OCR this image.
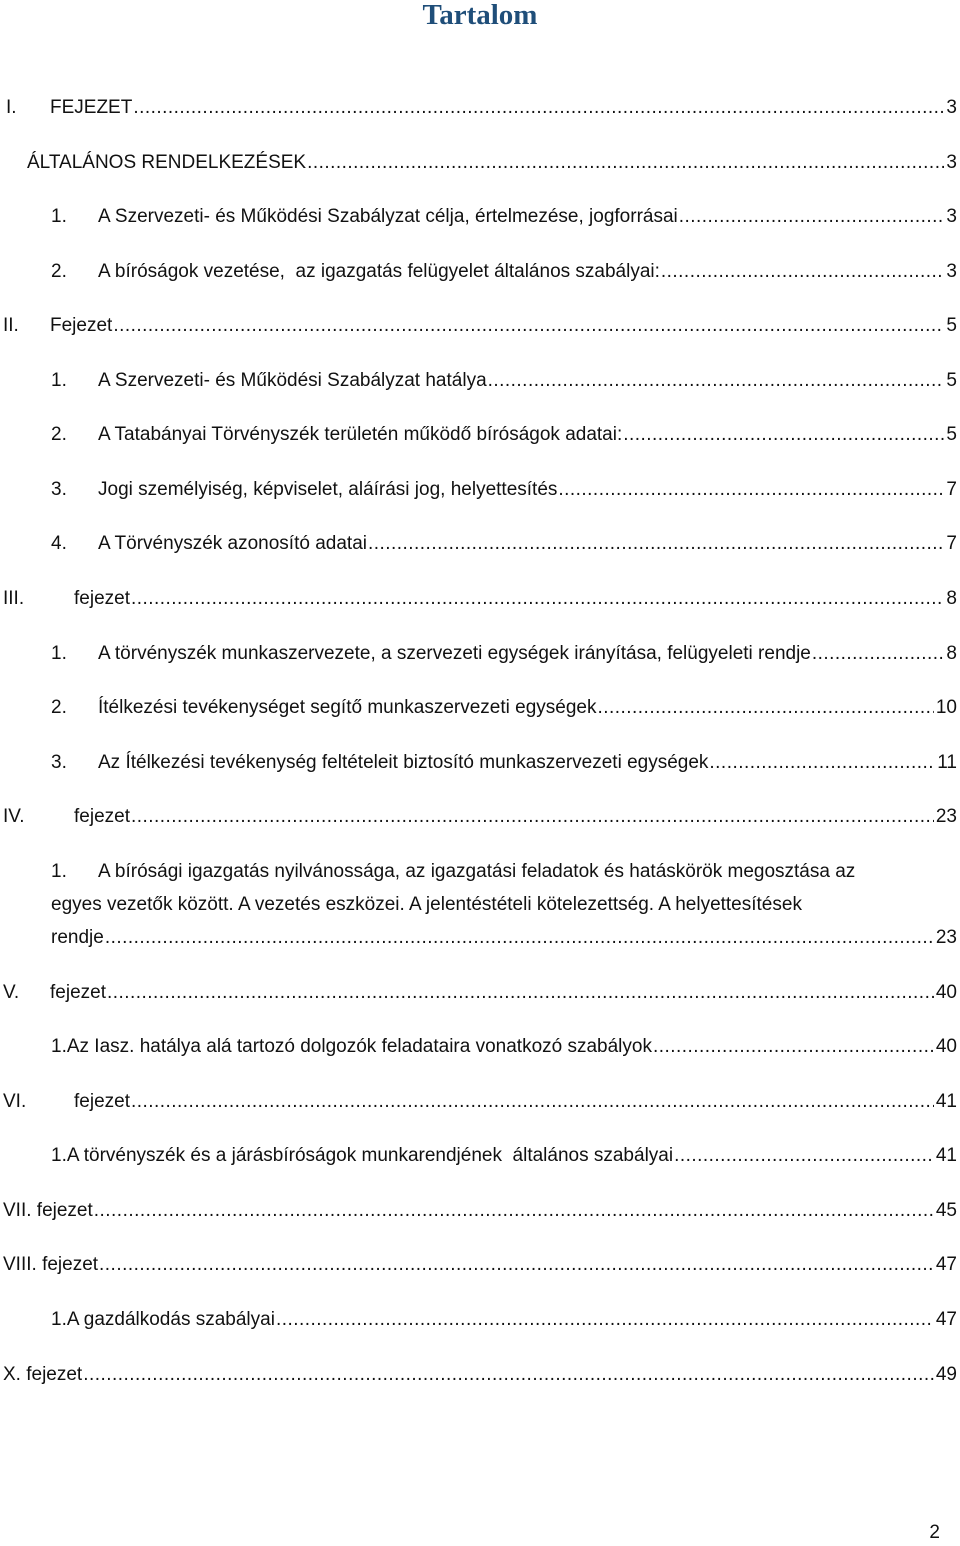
Tartalom
I.	FEJEZET . . .	3
ÁLTALÁNOS RENDELKEZÉSEK . . .	3
1.	A Szervezeti- és Működési Szabályzat célja, értelmezése, jogforrásai . . .	3
2.	A bíróságok vezetése,  az igazgatás felügyelet általános szabályai: . . .	3
II.	Fejezet . . .	5
1.	A Szervezeti- és Működési Szabályzat hatálya . . .	5
2.	A Tatabányai Törvényszék területén működő bíróságok adatai: . . .	5
3.	Jogi személyiség, képviselet, aláírási jog, helyettesítés . . .	7
4.	A Törvényszék azonosító adatai . . .	7
III.	fejezet . . .	8
1.	A törvényszék munkaszervezete, a szervezeti egységek irányítása, felügyeleti rendje . . .	8
2.	Ítélkezési tevékenységet segítő munkaszervezeti egységek . . .	10
3.	Az Ítélkezési tevékenység feltételeit biztosító munkaszervezeti egységek . . .	11
IV.	fejezet . . .	23
1. A bírósági igazgatás nyilvánossága, az igazgatási feladatok és hatáskörök megosztása az
egyes vezetők között. A vezetés eszközei. A jelentéstételi kötelezettség. A helyettesítések
rendje . . .	23
V.	fejezet . . .	40
1.Az Iasz. hatálya alá tartozó dolgozók feladataira vonatkozó szabályok . . .	40
VI.	fejezet . . .	41
1.A törvényszék és a járásbíróságok munkarendjének  általános szabályai . . .	41
VII. fejezet . . .	45
VIII. fejezet . . .	47
1.A gazdálkodás szabályai . . .	47
X. fejezet . . .	49
2
